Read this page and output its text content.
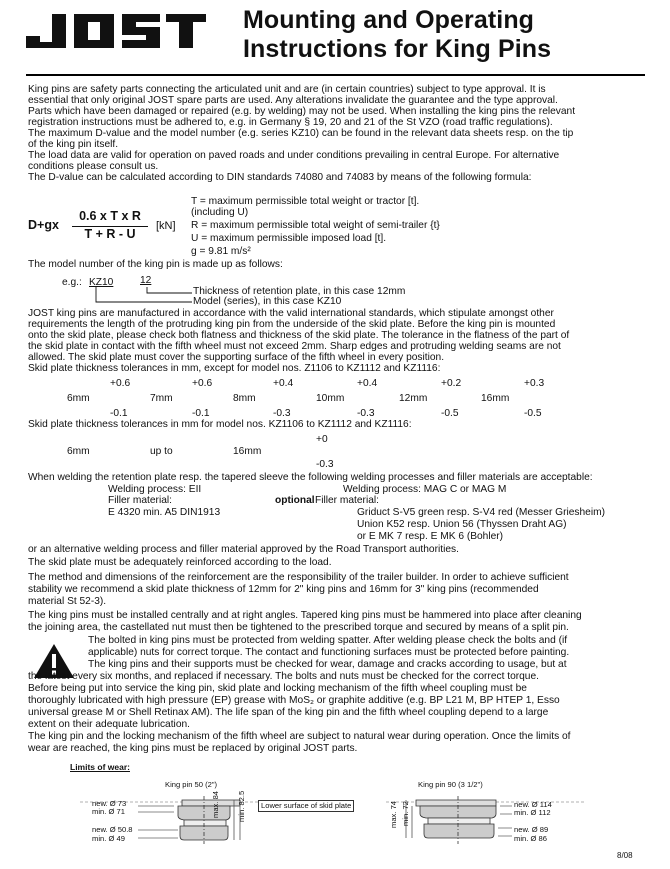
Mounting and Operating
Instructions for King Pins
King pins are safety parts connecting the articulated unit and are (in certain countries) subject to type approval. It is
essential that only original JOST spare parts are used. Any alterations invalidate the guarantee and the type approval.
Parts which have been damaged or repaired (e.g. by welding) may not be used. When installing the king pins the relevant
registration instructions must be adhered to, e.g. in Germany § 19, 20 and 21 of the St VZO (road traffic regulations).
The maximum D-value and the model number (e.g. series KZ10) can be found in the relevant data sheets resp. on the tip
of the king pin itself.
The load data are valid for operation on paved roads and under conditions prevailing in central Europe. For alternative
conditions please consult us.
The D-value can be calculated according to DIN standards 74080 and 74083 by means of the following formula:
D+gx
0.6 x T x R
T + R - U
[kN]
T = maximum permissible total weight or tractor [t].
(including U)
R = maximum permissible total weight of semi-trailer {t}
U = maximum permissible imposed load [t].
g = 9.81 m/s²
The model number of the king pin is made up as follows:
e.g.: KZ10	12
Thickness of retention plate, in this case 12mm
Model (series), in this case KZ10
JOST king pins are manufactured in accordance with the valid international standards, which stipulate amongst other
requirements the length of the protruding king pin from the underside of the skid plate. Before the king pin is mounted
onto the skid plate, please check both flatness and thickness of the skid plate. The tolerance in the flatness of the part of
the skid plate in contact with the fifth wheel must not exceed 2mm. Sharp edges and protruding welding seams are not
allowed. The skid plate must cover the supporting surface of the fifth wheel in every position.
Skid plate thickness tolerances in mm, except for model nos. Z1106 to KZ1112 and KZ1116:
+0.6	+0.6	+0.4	+0.4	+0.2	+0.3
6mm	7mm	8mm	10mm	12mm	16mm
-0.1	-0.1	-0.3	-0.3	-0.5	-0.5
Skid plate thickness tolerances in mm for model nos. KZ1106 to KZ1112 and KZ1116:
+0
6mm	up to	16mm
-0.3
When welding the retention plate resp. the tapered sleeve the following welding processes and filler materials are acceptable:
Welding process: EII
Filler material:
E 4320 min. A5 DIN1913
Welding process: MAG C or MAG M
optional Filler material:
Griduct S-V5 green resp. S-V4 red (Messer Griesheim)
Union K52 resp. Union 56 (Thyssen Draht AG)
or E MK 7 resp. E MK 6 (Bohler)
or an alternative welding process and filler material approved by the Road Transport authorities.
The skid plate must be adequately reinforced according to the load.
The method and dimensions of the reinforcement are the responsibility of the trailer builder. In order to achieve sufficient
stability we recommend a skid plate thickness of 12mm for 2" king pins and 16mm for 3" king pins (recommended
material St 52-3).
The king pins must be installed centrally and at right angles. Tapered king pins must be hammered into place after cleaning
the joining area, the castellated nut must then be tightened to the prescribed torque and secured by means of a split pin.
The bolted in king pins must be protected from welding spatter. After welding please check the bolts and (if
applicable) nuts for correct torque. The contact and functioning surfaces must be protected before painting.
The king pins and their supports must be checked for wear, damage and cracks according to usage, but at
the latest every six months, and replaced if necessary. The bolts and nuts must be checked for the correct torque.
Before being put into service the king pin, skid plate and locking mechanism of the fifth wheel coupling must be
thoroughly lubricated with high pressure (EP) grease with MoS₂ or graphite additive (e.g. BP L21 M, BP HTEP 1, Esso
universal grease M or Shell Retinax AM). The life span of the king pin and the fifth wheel coupling depend to a large
extent on their adequate lubrication.
The king pin and the locking mechanism of the fifth wheel are subject to natural wear during operation. Once the limits of
wear are reached, the king pins must be replaced by original JOST parts.
Limits of wear:
King pin 50 (2")
new. Ø 73
min. Ø 71
new. Ø 50.8
min. Ø 49
max. 84 min. 82.5	Lower surface of skid plate
King pin 90 (3 1/2")
new. Ø 114
min. Ø 112
new. Ø 89
min. Ø 86
max. 74 min. 72
8/08
